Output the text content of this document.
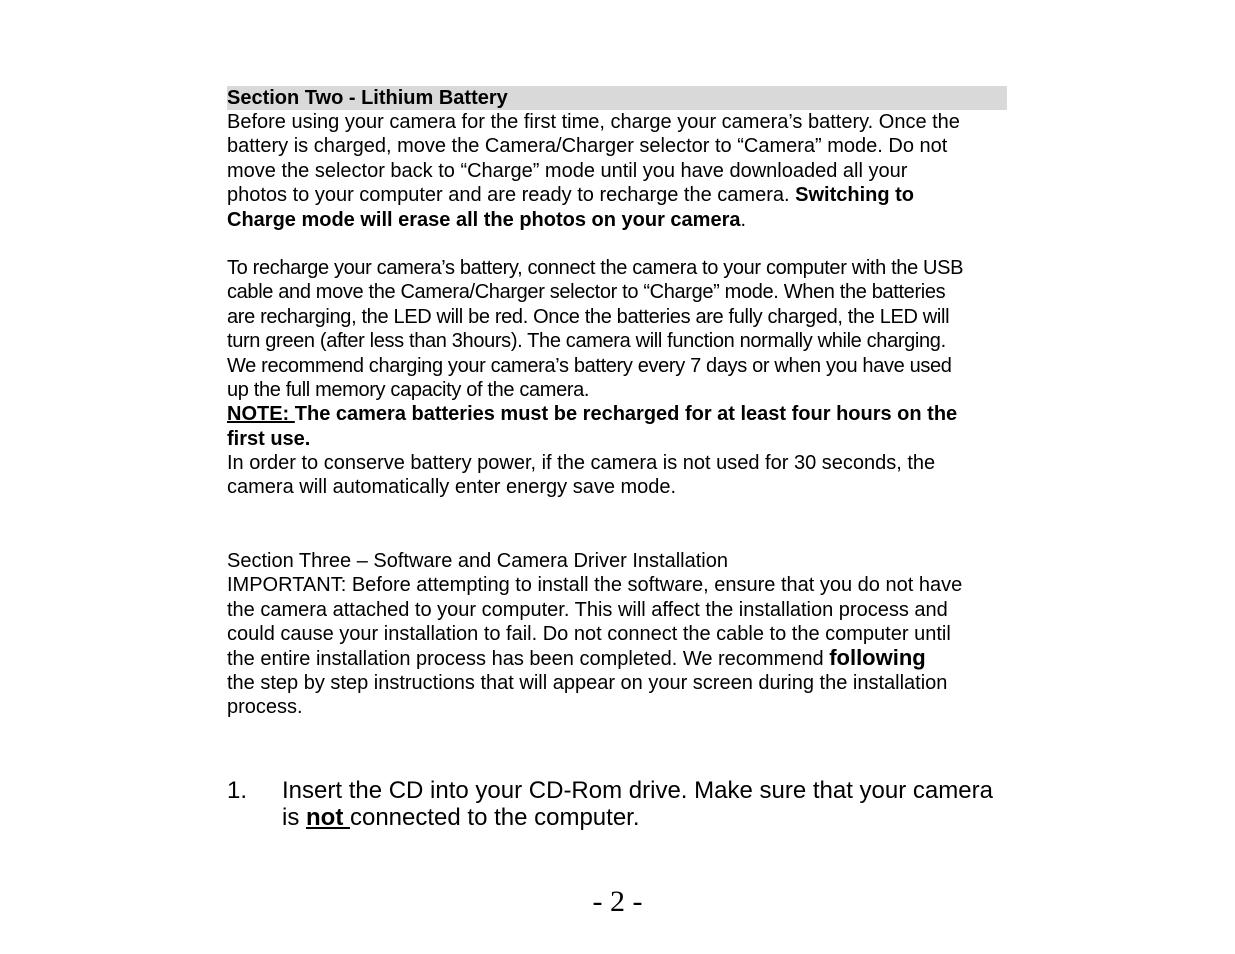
Section Two - Lithium Battery
Before using your camera for the first time, charge your camera’s battery. Once the
battery is charged, move the Camera/Charger selector to “Camera” mode. Do not
move the selector back to “Charge” mode until you have downloaded all your
photos to your computer and are ready to recharge the camera. Switching to
Charge mode will erase all the photos on your camera.
To recharge your camera’s battery, connect the camera to your computer with the USB
cable and move the Camera/Charger selector to “Charge” mode. When the batteries
are recharging, the LED will be red. Once the batteries are fully charged, the LED will
turn green (after less than 3hours). The camera will function normally while charging.
We recommend charging your camera’s battery every 7 days or when you have used
up the full memory capacity of the camera.
NOTE: The camera batteries must be recharged for at least four hours on the
first use.
In order to conserve battery power, if the camera is not used for 30 seconds, the
camera will automatically enter energy save mode.
Section Three – Software and Camera Driver Installation
IMPORTANT: Before attempting to install the software, ensure that you do not have
the camera attached to your computer. This will affect the installation process and
could cause your installation to fail. Do not connect the cable to the computer until
the entire installation process has been completed. We recommend following
the step by step instructions that will appear on your screen during the installation
process.
1. Insert the CD into your CD-Rom drive. Make sure that your camera
is not connected to the computer.
- 2 -
